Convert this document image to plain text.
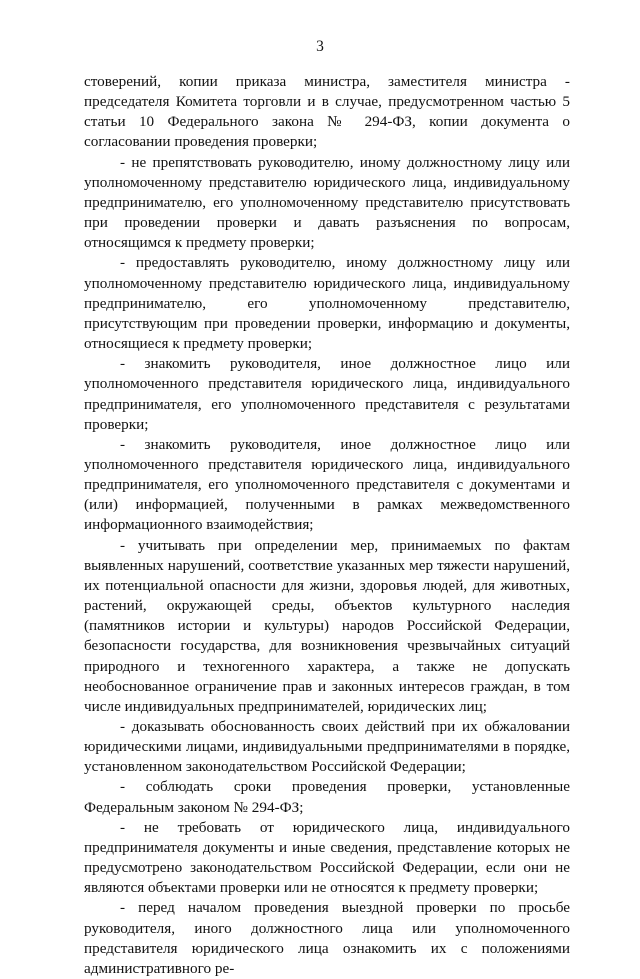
3

стоверений, копии приказа министра, заместителя министра - председателя Комитета торговли и в случае, предусмотренном частью 5 статьи 10 Федерального закона № 294-ФЗ, копии документа о согласовании проведения проверки;

- не препятствовать руководителю, иному должностному лицу или уполномоченному представителю юридического лица, индивидуальному предпринимателю, его уполномоченному представителю присутствовать при проведении проверки и давать разъяснения по вопросам, относящимся к предмету проверки;

- предоставлять руководителю, иному должностному лицу или уполномоченному представителю юридического лица, индивидуальному предпринимателю, его уполномоченному представителю, присутствующим при проведении проверки, информацию и документы, относящиеся к предмету проверки;

- знакомить руководителя, иное должностное лицо или уполномоченного представителя юридического лица, индивидуального предпринимателя, его уполномоченного представителя с результатами проверки;

- знакомить руководителя, иное должностное лицо или уполномоченного представителя юридического лица, индивидуального предпринимателя, его уполномоченного представителя с документами и (или) информацией, полученными в рамках межведомственного информационного взаимодействия;

- учитывать при определении мер, принимаемых по фактам выявленных нарушений, соответствие указанных мер тяжести нарушений, их потенциальной опасности для жизни, здоровья людей, для животных, растений, окружающей среды, объектов культурного наследия (памятников истории и культуры) народов Российской Федерации, безопасности государства, для возникновения чрезвычайных ситуаций природного и техногенного характера, а также не допускать необоснованное ограничение прав и законных интересов граждан, в том числе индивидуальных предпринимателей, юридических лиц;

- доказывать обоснованность своих действий при их обжаловании юридическими лицами, индивидуальными предпринимателями в порядке, установленном законодательством Российской Федерации;

- соблюдать сроки проведения проверки, установленные Федеральным законом № 294-ФЗ;

- не требовать от юридического лица, индивидуального предпринимателя документы и иные сведения, представление которых не предусмотрено законодательством Российской Федерации, если они не являются объектами проверки или не относятся к предмету проверки;

- перед началом проведения выездной проверки по просьбе руководителя, иного должностного лица или уполномоченного представителя юридического лица ознакомить их с положениями административного ре-
